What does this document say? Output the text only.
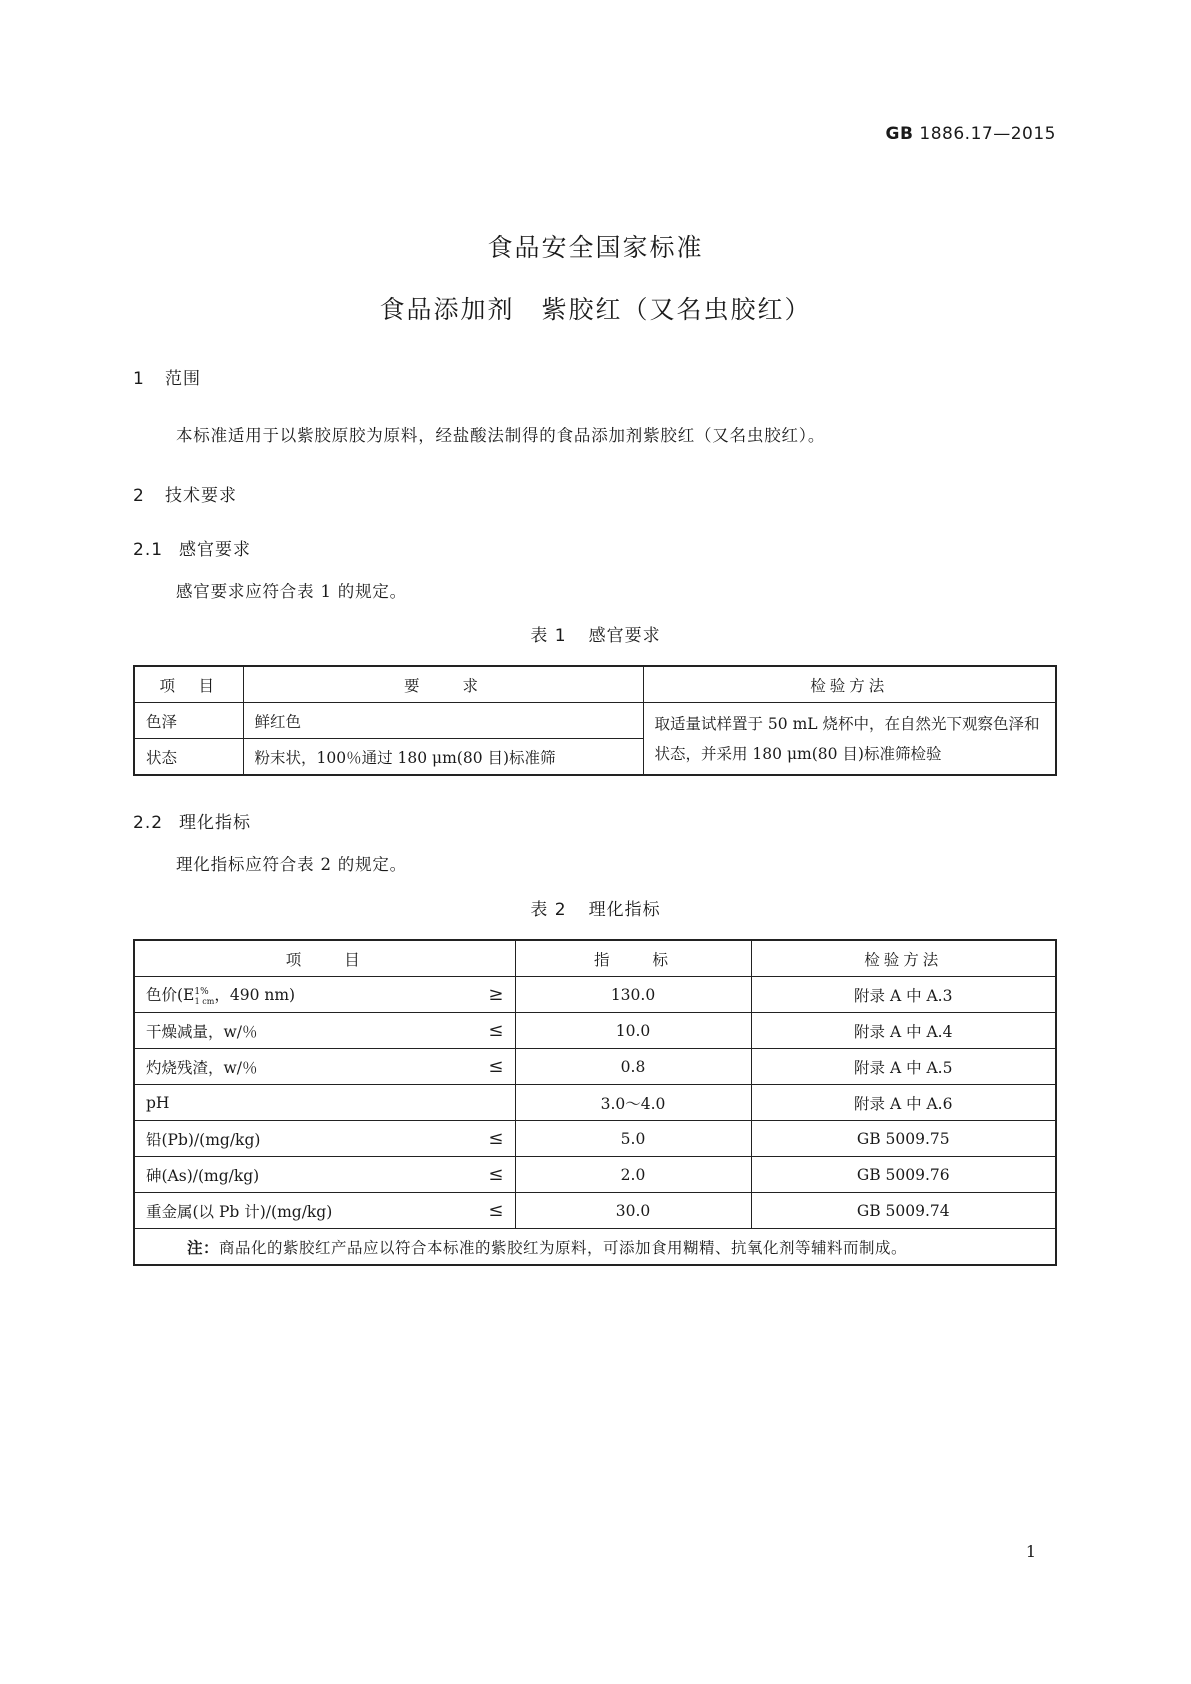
GB 1886.17—2015
食品安全国家标准
食品添加剂　紫胶红（又名虫胶红）
1 范围
本标准适用于以紫胶原胶为原料，经盐酸法制得的食品添加剂紫胶红（又名虫胶红）。
2 技术要求
2.1 感官要求
感官要求应符合表 1 的规定。
表 1 感官要求
项　目	要　　求	检验方法
色泽	鲜红色	取适量试样置于 50 mL 烧杯中，在自然光下观察色泽和状态，并采用 180 μm(80 目)标准筛检验
状态	粉末状，100％通过 180 μm(80 目)标准筛	
2.2 理化指标
理化指标应符合表 2 的规定。
表 2 理化指标
项　　目	指　　标	检验方法

色价($E^{1\%}_{1 cm}$，490 nm) ≥	130.0	附录 A 中 A.3

干燥减量，w/％ ≤	10.0	附录 A 中 A.4

灼烧残渣，w/％ ≤	0.8	附录 A 中 A.5

pH	3.0～4.0	附录 A 中 A.6

铅(Pb)/(mg/kg) ≤	5.0	GB 5009.75

砷(As)/(mg/kg) ≤	2.0	GB 5009.76

重金属(以 Pb 计)/(mg/kg) ≤	30.0	GB 5009.74
注：商品化的紫胶红产品应以符合本标准的紫胶红为原料，可添加食用糊精、抗氧化剂等辅料而制成。		
1
